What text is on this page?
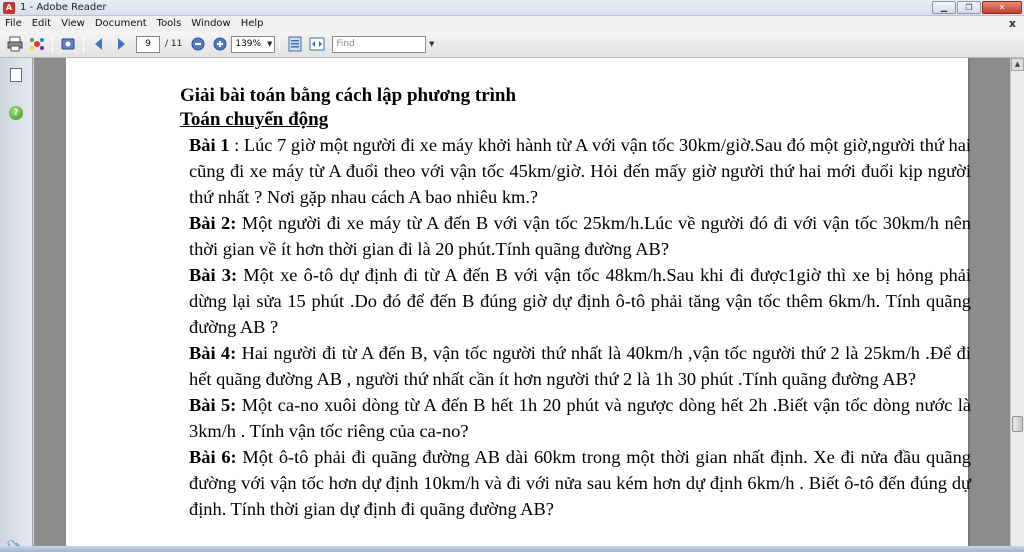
A 1 - Adobe Reader	▁	❐	✕
File	Edit	View	Document	Tools	Window	Help	x
9	/ 11	139% ▼	Find	▼
?
Giải bài toán bằng cách lập phương trình
Toán chuyển động

Bài 1 : Lúc 7 giờ một người đi xe máy khởi hành từ A với vận tốc 30km/giờ.Sau đó một giờ,người thứ hai cũng đi xe máy từ A đuổi theo với vận tốc 45km/giờ. Hỏi đến mấy giờ người thứ hai mới đuổi kịp người thứ nhất ? Nơi gặp nhau cách A bao nhiêu km.?

Bài 2: Một người đi xe máy từ A đến B với vận tốc 25km/h.Lúc về người đó đi với vận tốc 30km/h nên thời gian về ít hơn thời gian đi là 20 phút.Tính quãng đường AB?

Bài 3: Một xe ô-tô dự định đi từ A đến B với vận tốc 48km/h.Sau khi đi được1giờ thì xe bị hỏng phải dừng lại sửa 15 phút .Do đó để đến B đúng giờ dự định ô-tô phải tăng vận tốc thêm 6km/h. Tính quãng đường AB ?

Bài 4: Hai người đi từ A đến B, vận tốc người thứ nhất là 40km/h ,vận tốc người thứ 2 là 25km/h .Để đi hết quãng đường AB , người thứ nhất cần ít hơn người thứ 2 là 1h 30 phút .Tính quãng đường AB?

Bài 5: Một ca-no xuôi dòng từ A đến B hết 1h 20 phút và ngược dòng hết 2h .Biết vận tốc dòng nước là 3km/h . Tính vận tốc riêng của ca-no?

Bài 6: Một ô-tô phải đi quãng đường AB dài 60km trong một thời gian nhất định. Xe đi nửa đầu quãng đường với vận tốc hơn dự định 10km/h và đi với nửa sau kém hơn dự định 6km/h . Biết ô-tô đến đúng dự định. Tính thời gian dự định đi quãng đường AB?

▲
